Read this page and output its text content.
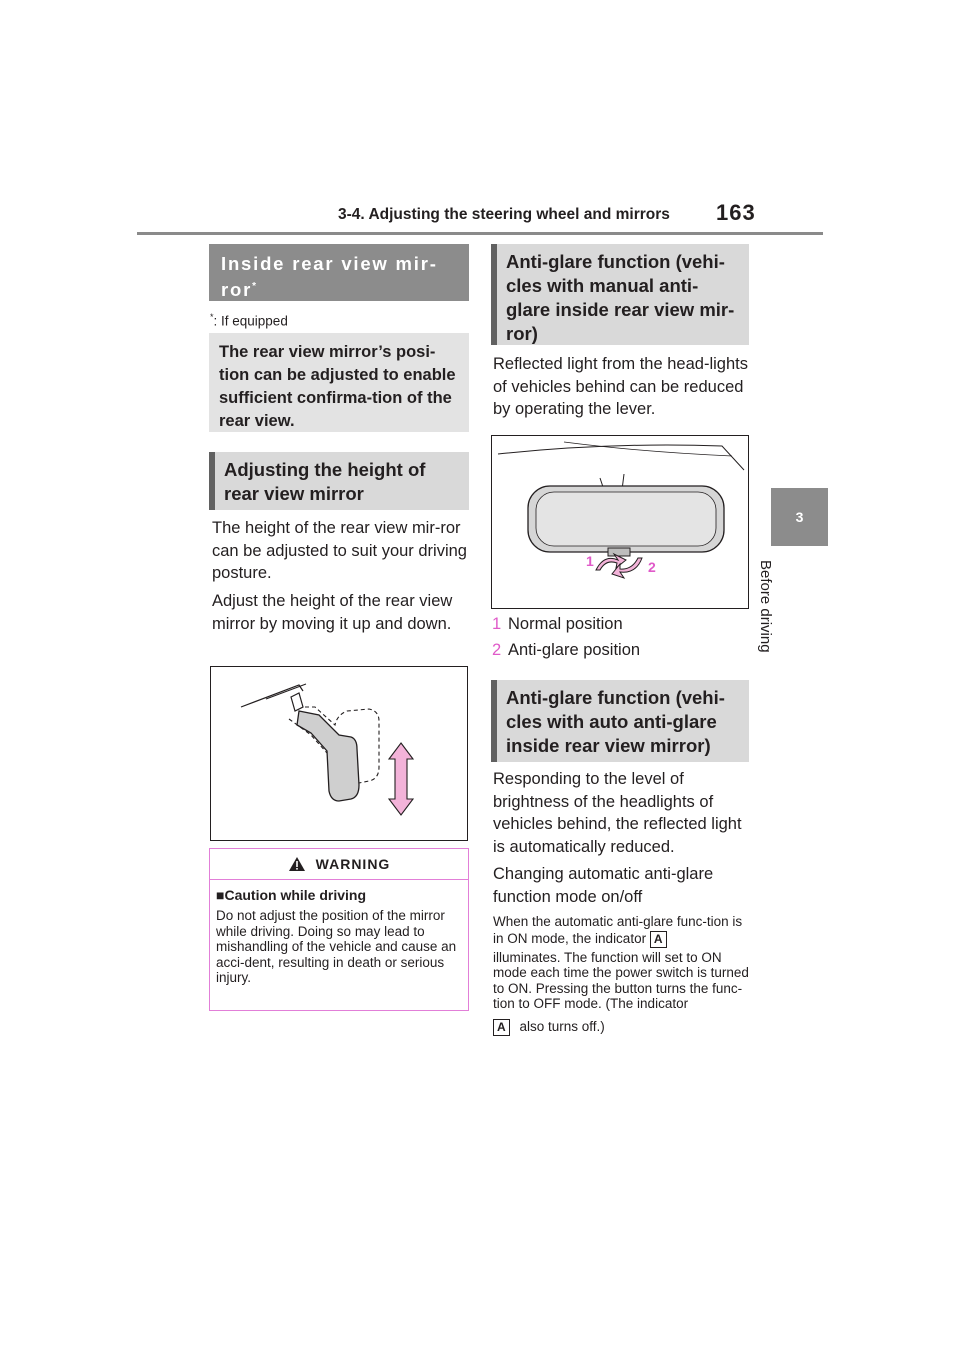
3-4. Adjusting the steering wheel and mirrors 163
3
Before driving
Inside rear view mir-ror*
*: If equipped
The rear view mirror’s posi-tion can be adjusted to enable sufficient confirma-tion of the rear view.
Adjusting the height of rear view mirror
The height of the rear view mir-ror can be adjusted to suit your driving posture.
Adjust the height of the rear view mirror by moving it up and down.
WARNING
■Caution while driving
Do not adjust the position of the mirror while driving. Doing so may lead to mishandling of the vehicle and cause an acci-dent, resulting in death or serious injury.
Anti-glare function (vehi-cles with manual anti-glare inside rear view mir-ror)
Reflected light from the head-lights of vehicles behind can be reduced by operating the lever.
1	2
1 Normal position
2 Anti-glare position
Anti-glare function (vehi-cles with auto anti-glare inside rear view mirror)
Responding to the level of brightness of the headlights of vehicles behind, the reflected light is automatically reduced.
Changing automatic anti-glare function mode on/off
When the automatic anti-glare func-tion is in ON mode, the indicator A
illuminates. The function will set to ON mode each time the power switch is turned to ON. Pressing the button turns the func-tion to OFF mode. (The indicator
A also turns off.)
